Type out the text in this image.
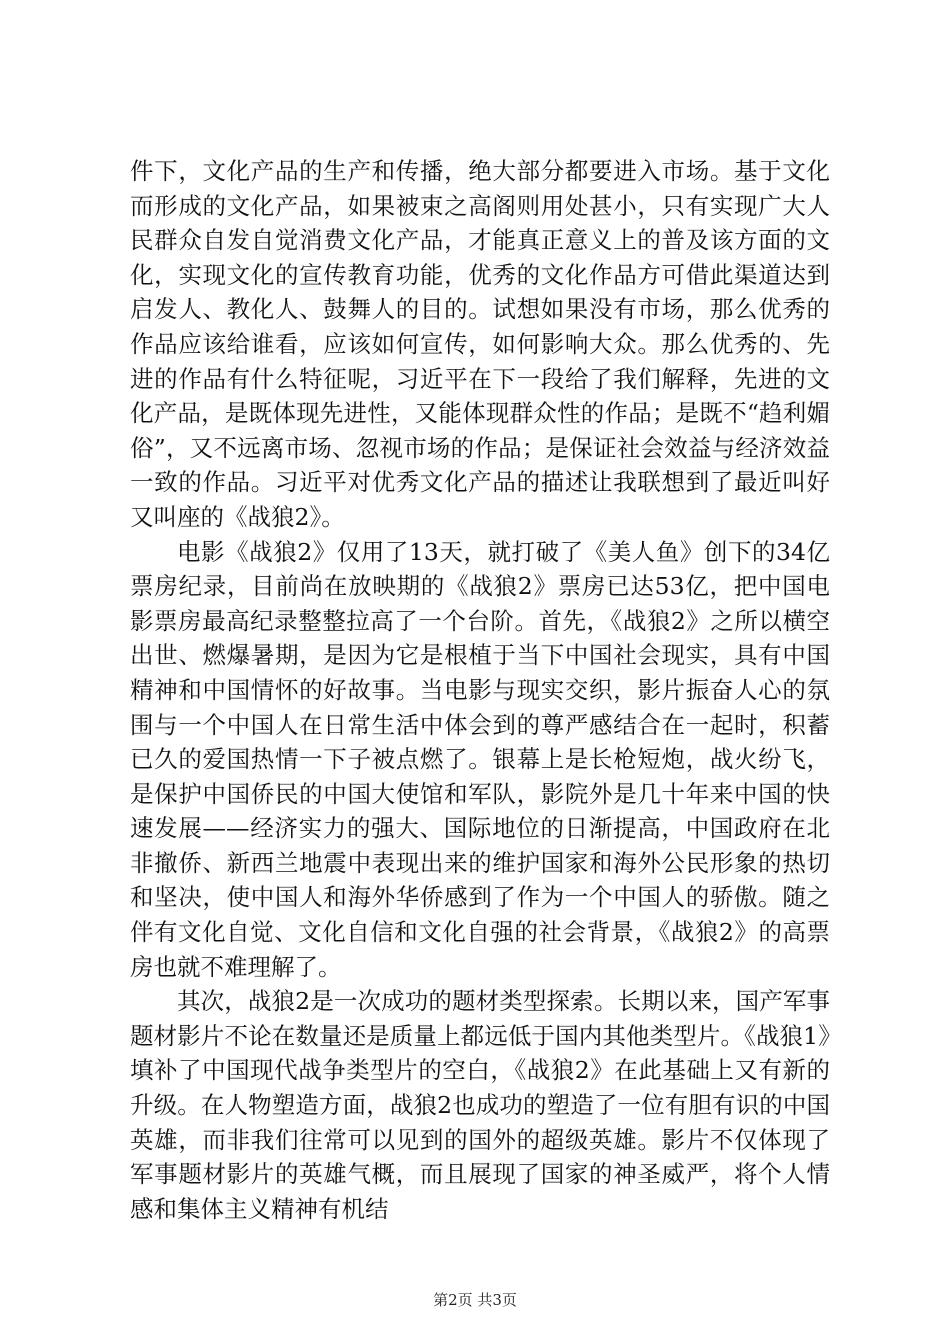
件下，文化产品的生产和传播，绝大部分都要进入市场。基于文化而形成的文化产品，如果被束之高阁则用处甚小，只有实现广大人民群众自发自觉消费文化产品，才能真正意义上的普及该方面的文化，实现文化的宣传教育功能，优秀的文化作品方可借此渠道达到启发人、教化人、鼓舞人的目的。试想如果没有市场，那么优秀的作品应该给谁看，应该如何宣传，如何影响大众。那么优秀的、先进的作品有什么特征呢，习近平在下一段给了我们解释，先进的文化产品，是既体现先进性，又能体现群众性的作品；是既不“趋利媚俗”，又不远离市场、忽视市场的作品；是保证社会效益与经济效益一致的作品。习近平对优秀文化产品的描述让我联想到了最近叫好又叫座的《战狼2》。

电影《战狼2》仅用了13天，就打破了《美人鱼》创下的34亿票房纪录，目前尚在放映期的《战狼2》票房已达53亿，把中国电影票房最高纪录整整拉高了一个台阶。首先，《战狼2》之所以横空出世、燃爆暑期，是因为它是根植于当下中国社会现实，具有中国精神和中国情怀的好故事。当电影与现实交织，影片振奋人心的氛围与一个中国人在日常生活中体会到的尊严感结合在一起时，积蓄已久的爱国热情一下子被点燃了。银幕上是长枪短炮，战火纷飞，是保护中国侨民的中国大使馆和军队，影院外是几十年来中国的快速发展——经济实力的强大、国际地位的日渐提高，中国政府在北非撤侨、新西兰地震中表现出来的维护国家和海外公民形象的热切和坚决，使中国人和海外华侨感到了作为一个中国人的骄傲。随之伴有文化自觉、文化自信和文化自强的社会背景，《战狼2》的高票房也就不难理解了。

其次，战狼2是一次成功的题材类型探索。长期以来，国产军事题材影片不论在数量还是质量上都远低于国内其他类型片。《战狼1》填补了中国现代战争类型片的空白，《战狼2》在此基础上又有新的升级。在人物塑造方面，战狼2也成功的塑造了一位有胆有识的中国英雄，而非我们往常可以见到的国外的超级英雄。影片不仅体现了军事题材影片的英雄气概，而且展现了国家的神圣威严，将个人情感和集体主义精神有机结

第2页 共3页
